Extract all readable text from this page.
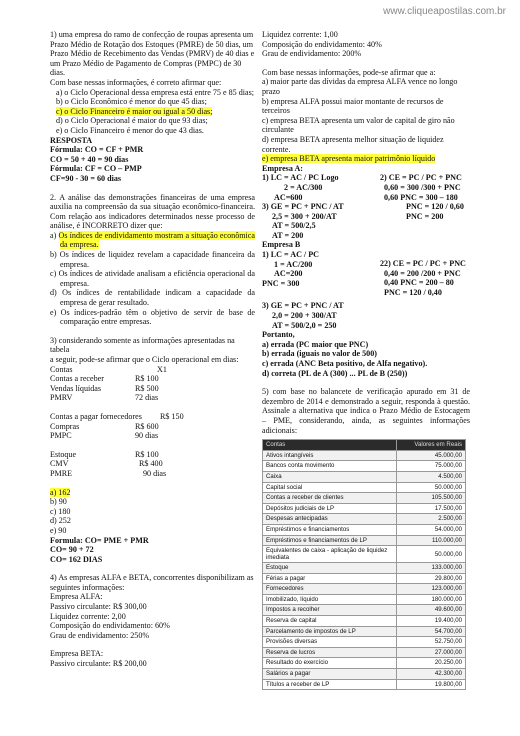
www.cliqueapostilas.com.br

1) uma empresa do ramo de confecção de roupas apresenta um

Prazo Médio de Rotação dos Estoques (PMRE) de 50 dias, um

Prazo Médio de Recebimento das Vendas (PMRV) de 40 dias e

um Prazo Médio de Pagamento de Compras (PMPC) de 30 dias.

Com base nessas informações, é correto afirmar que:

a) o Ciclo Operacional dessa empresa está entre 75 e 85 dias;

b) o Ciclo Econômico é menor do que 45 dias;

c) o Ciclo Financeiro é maior ou igual a 50 dias;

d) o Ciclo Operacional é maior do que 93 dias;

e) o Ciclo Financeiro é menor do que 43 dias.

RESPOSTA

Fórmula: CO = CF + PMR

CO = 50 + 40 = 90 dias

Fórmula: CF = CO – PMP

CF=90 - 30 = 60 dias

2. A análise das demonstrações financeiras de uma empresa auxilia na compreensão da sua situação econômico-financeira. Com relação aos indicadores determinados nesse processo de análise, é INCORRETO dizer que:

a) Os índices de endividamento mostram a situação econômica da empresa.

b) Os índices de liquidez revelam a capacidade financeira da empresa.

c) Os índices de atividade analisam a eficiência operacional da empresa.

d) Os índices de rentabilidade indicam a capacidade da empresa de gerar resultado.

e) Os índices-padrão têm o objetivo de servir de base de comparação entre empresas.

3) considerando somente as informações apresentadas na tabela

a seguir, pode-se afirmar que o Ciclo operacional em dias:

Contas	X1
Contas a receber	R$ 100
Vendas líquidas	R$ 500
PMRV	72 dias
Contas a pagar fornecedores	R$ 150
Compras	R$ 600
PMPC	90 dias
Estoque	R$ 100
CMV	R$ 400
PMRE	90 dias

a) 162

b) 90

c) 180

d) 252

e) 90

Formula: CO= PME + PMR

CO= 90 + 72

CO= 162 DIAS

4) As empresas ALFA e BETA, concorrentes disponibilizam as

seguintes informações:

Empresa ALFA:

Passivo circulante: R$ 300,00

Liquidez corrente: 2,00

Composição do endividamento: 60%

Grau de endividamento: 250%

Empresa BETA:

Passivo circulante: R$ 200,00

Liquidez corrente: 1,00

Composição do endividamento: 40%

Grau de endividamento: 200%

Com base nessas informações, pode-se afirmar que a:

a) maior parte das dívidas da empresa ALFA vence no longo prazo

b) empresa ALFA possui maior montante de recursos de terceiros

c) empresa BETA apresenta um valor de capital de giro não circulante

d) empresa BETA apresenta melhor situação de liquidez corrente.

e) empresa BETA apresenta maior patrimônio líquido

Empresa A:

1) LC = AC / PC Logo

2 = AC/300

AC=600

3) GE = PC + PNC / AT

2,5 = 300 + 200/AT

AT = 500/2,5

AT = 200

2) CE = PC / PC + PNC

0,60 = 300 /300 + PNC

0,60 PNC = 300 – 180

PNC = 120 / 0,60

PNC = 200

Empresa B

1) LC = AC / PC

1 = AC/200

AC=200

PNC = 300

22) CE = PC / PC + PNC

0,40 = 200 /200 + PNC

0,40 PNC = 200 – 80

PNC = 120 / 0,40

3) GE = PC + PNC / AT

2,0 = 200 + 300/AT

AT = 500/2,0 = 250

Portanto,

a) errada (PC maior que PNC)

b) errada (iguais no valor de 500)

c) errada (ANC Beta positivo, de Alfa negativo).

d) correta (PL de A (300) ... PL de B (250))

5) com base no balancete de verificação apurado em 31 de dezembro de 2014 e demonstrado a seguir, responda à questão. Assinale a alternativa que indica o Prazo Médio de Estocagem – PME, considerando, ainda, as seguintes informações adicionais:

Contas	Valores em Reais
Ativos intangíveis	45.000,00
Bancos conta movimento	75.000,00
Caixa	4.500,00
Capital social	50.000,00
Contas a receber de clientes	105.500,00
Depósitos judiciais de LP	17.500,00
Despesas antecipadas	2.500,00
Empréstimos e financiamentos	54.000,00
Empréstimos e financiamentos de LP	110.000,00
Equivalentes de caixa - aplicação de liquidez imediata	50.000,00
Estoque	133.000,00
Férias a pagar	29.800,00
Fornecedores	123.000,00
Imobilizado, líquido	180.000,00
Impostos a recolher	49.600,00
Reserva de capital	19.400,00
Parcelamento de impostos de LP	54.700,00
Provisões diversas	52.750,00
Reserva de lucros	27.000,00
Resultado do exercício	20.250,00
Salários a pagar	42.300,00
Títulos a receber de LP	19.800,00
